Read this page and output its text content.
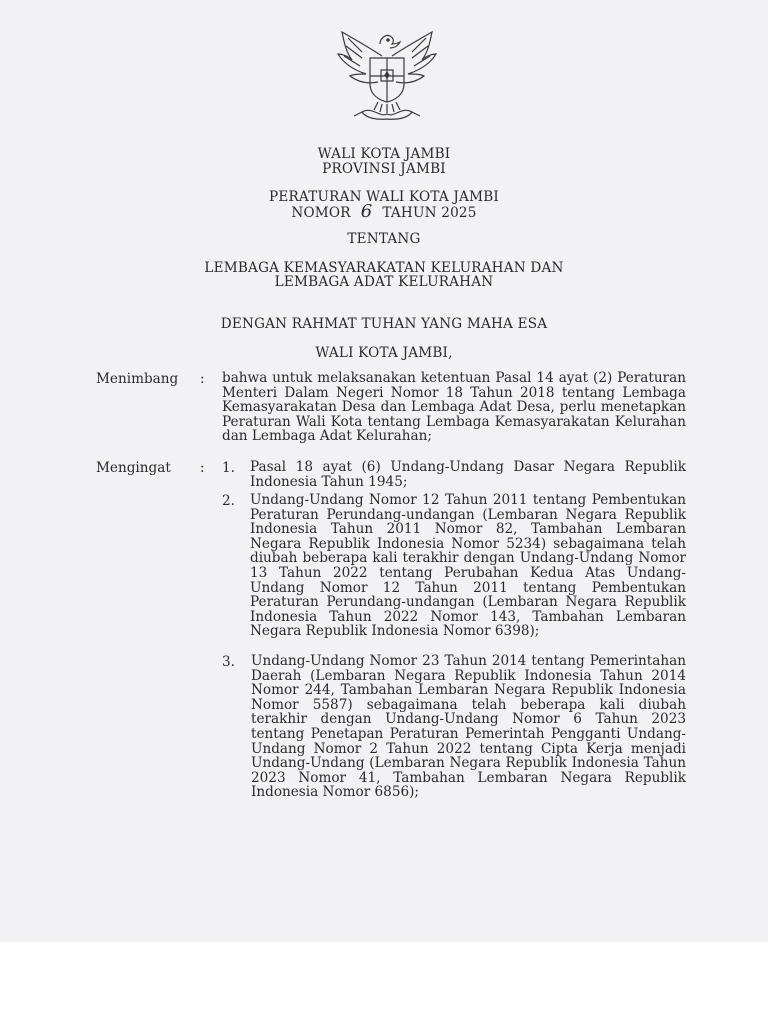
WALI KOTA JAMBI
PROVINSI JAMBI
PERATURAN WALI KOTA JAMBI
NOMOR 6 TAHUN 2025
TENTANG
LEMBAGA KEMASYARAKATAN KELURAHAN DAN
LEMBAGA ADAT KELURAHAN
DENGAN RAHMAT TUHAN YANG MAHA ESA
WALI KOTA JAMBI,
Menimbang : bahwa untuk melaksanakan ketentuan Pasal 14 ayat (2) Peraturan Menteri Dalam Negeri Nomor 18 Tahun 2018 tentang Lembaga Kemasyarakatan Desa dan Lembaga Adat Desa, perlu menetapkan Peraturan Wali Kota tentang Lembaga Kemasyarakatan Kelurahan dan Lembaga Adat Kelurahan;

Mengingat : 1. Pasal 18 ayat (6) Undang-Undang Dasar Negara Republik Indonesia Tahun 1945;

2. Undang-Undang Nomor 12 Tahun 2011 tentang Pembentukan Peraturan Perundang-undangan (Lembaran Negara Republik Indonesia Tahun 2011 Nomor 82, Tambahan Lembaran Negara Republik Indonesia Nomor 5234) sebagaimana telah diubah beberapa kali terakhir dengan Undang-Undang Nomor 13 Tahun 2022 tentang Perubahan Kedua Atas Undang-Undang Nomor 12 Tahun 2011 tentang Pembentukan Peraturan Perundang-undangan (Lembaran Negara Republik Indonesia Tahun 2022 Nomor 143, Tambahan Lembaran Negara Republik Indonesia Nomor 6398);

3. Undang-Undang Nomor 23 Tahun 2014 tentang Pemerintahan Daerah (Lembaran Negara Republik Indonesia Tahun 2014 Nomor 244, Tambahan Lembaran Negara Republik Indonesia Nomor 5587) sebagaimana telah beberapa kali diubah terakhir dengan Undang-Undang Nomor 6 Tahun 2023 tentang Penetapan Peraturan Pemerintah Pengganti Undang-Undang Nomor 2 Tahun 2022 tentang Cipta Kerja menjadi Undang-Undang (Lembaran Negara Republik Indonesia Tahun 2023 Nomor 41, Tambahan Lembaran Negara Republik Indonesia Nomor 6856);
